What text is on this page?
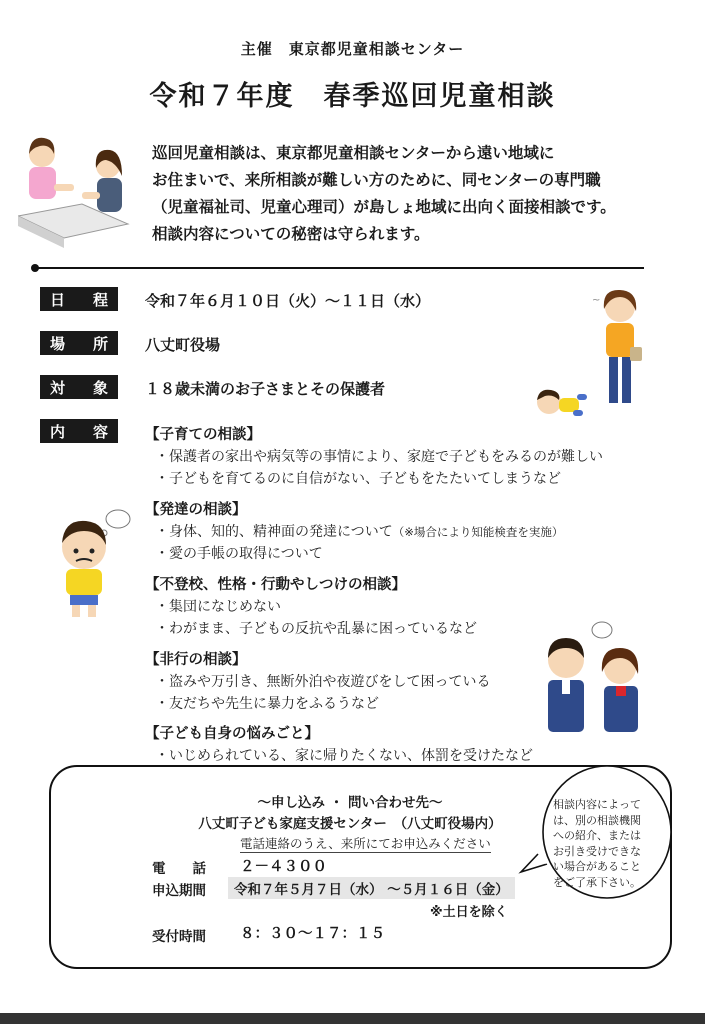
主催　東京都児童相談センター
令和７年度　春季巡回児童相談
巡回児童相談は、東京都児童相談センターから遠い地域に
お住まいで、来所相談が難しい方のために、同センターの専門職
（児童福祉司、児童心理司）が島しょ地域に出向く面接相談です。
相談内容についての秘密は守られます。
日 程 令和７年６月１０日（火）～１１日（水）
場 所 八丈町役場
対 象 １８歳未満のお子さまとその保護者
内 容	【子育ての相談】
・保護者の家出や病気等の事情により、家庭で子どもをみるのが難しい
・子どもを育てるのに自信がない、子どもをたたいてしまうなど
【発達の相談】
・身体、知的、精神面の発達について（※場合により知能検査を実施）
・愛の手帳の取得について
【不登校、性格・行動やしつけの相談】
・集団になじめない
・わがまま、子どもの反抗や乱暴に困っているなど
【非行の相談】
・盗みや万引き、無断外泊や夜遊びをして困っている
・友だちや先生に暴力をふるうなど
【子ども自身の悩みごと】
・いじめられている、家に帰りたくない、体罰を受けたなど
~
～申し込み ・ 問い合わせ先～
八丈町子ども家庭支援センター　（八丈町役場内）
電話連絡のうえ、来所にてお申込みください
電　　話 ２－４３００
申込期間	令和７年５月７日（水） ～５月１６日（金）
※土日を除く
受付時間 ８：３０～１７：１５
相談内容によって
は、別の相談機関
への紹介、または
お引き受けできな
い場合があること
をご了承下さい。
